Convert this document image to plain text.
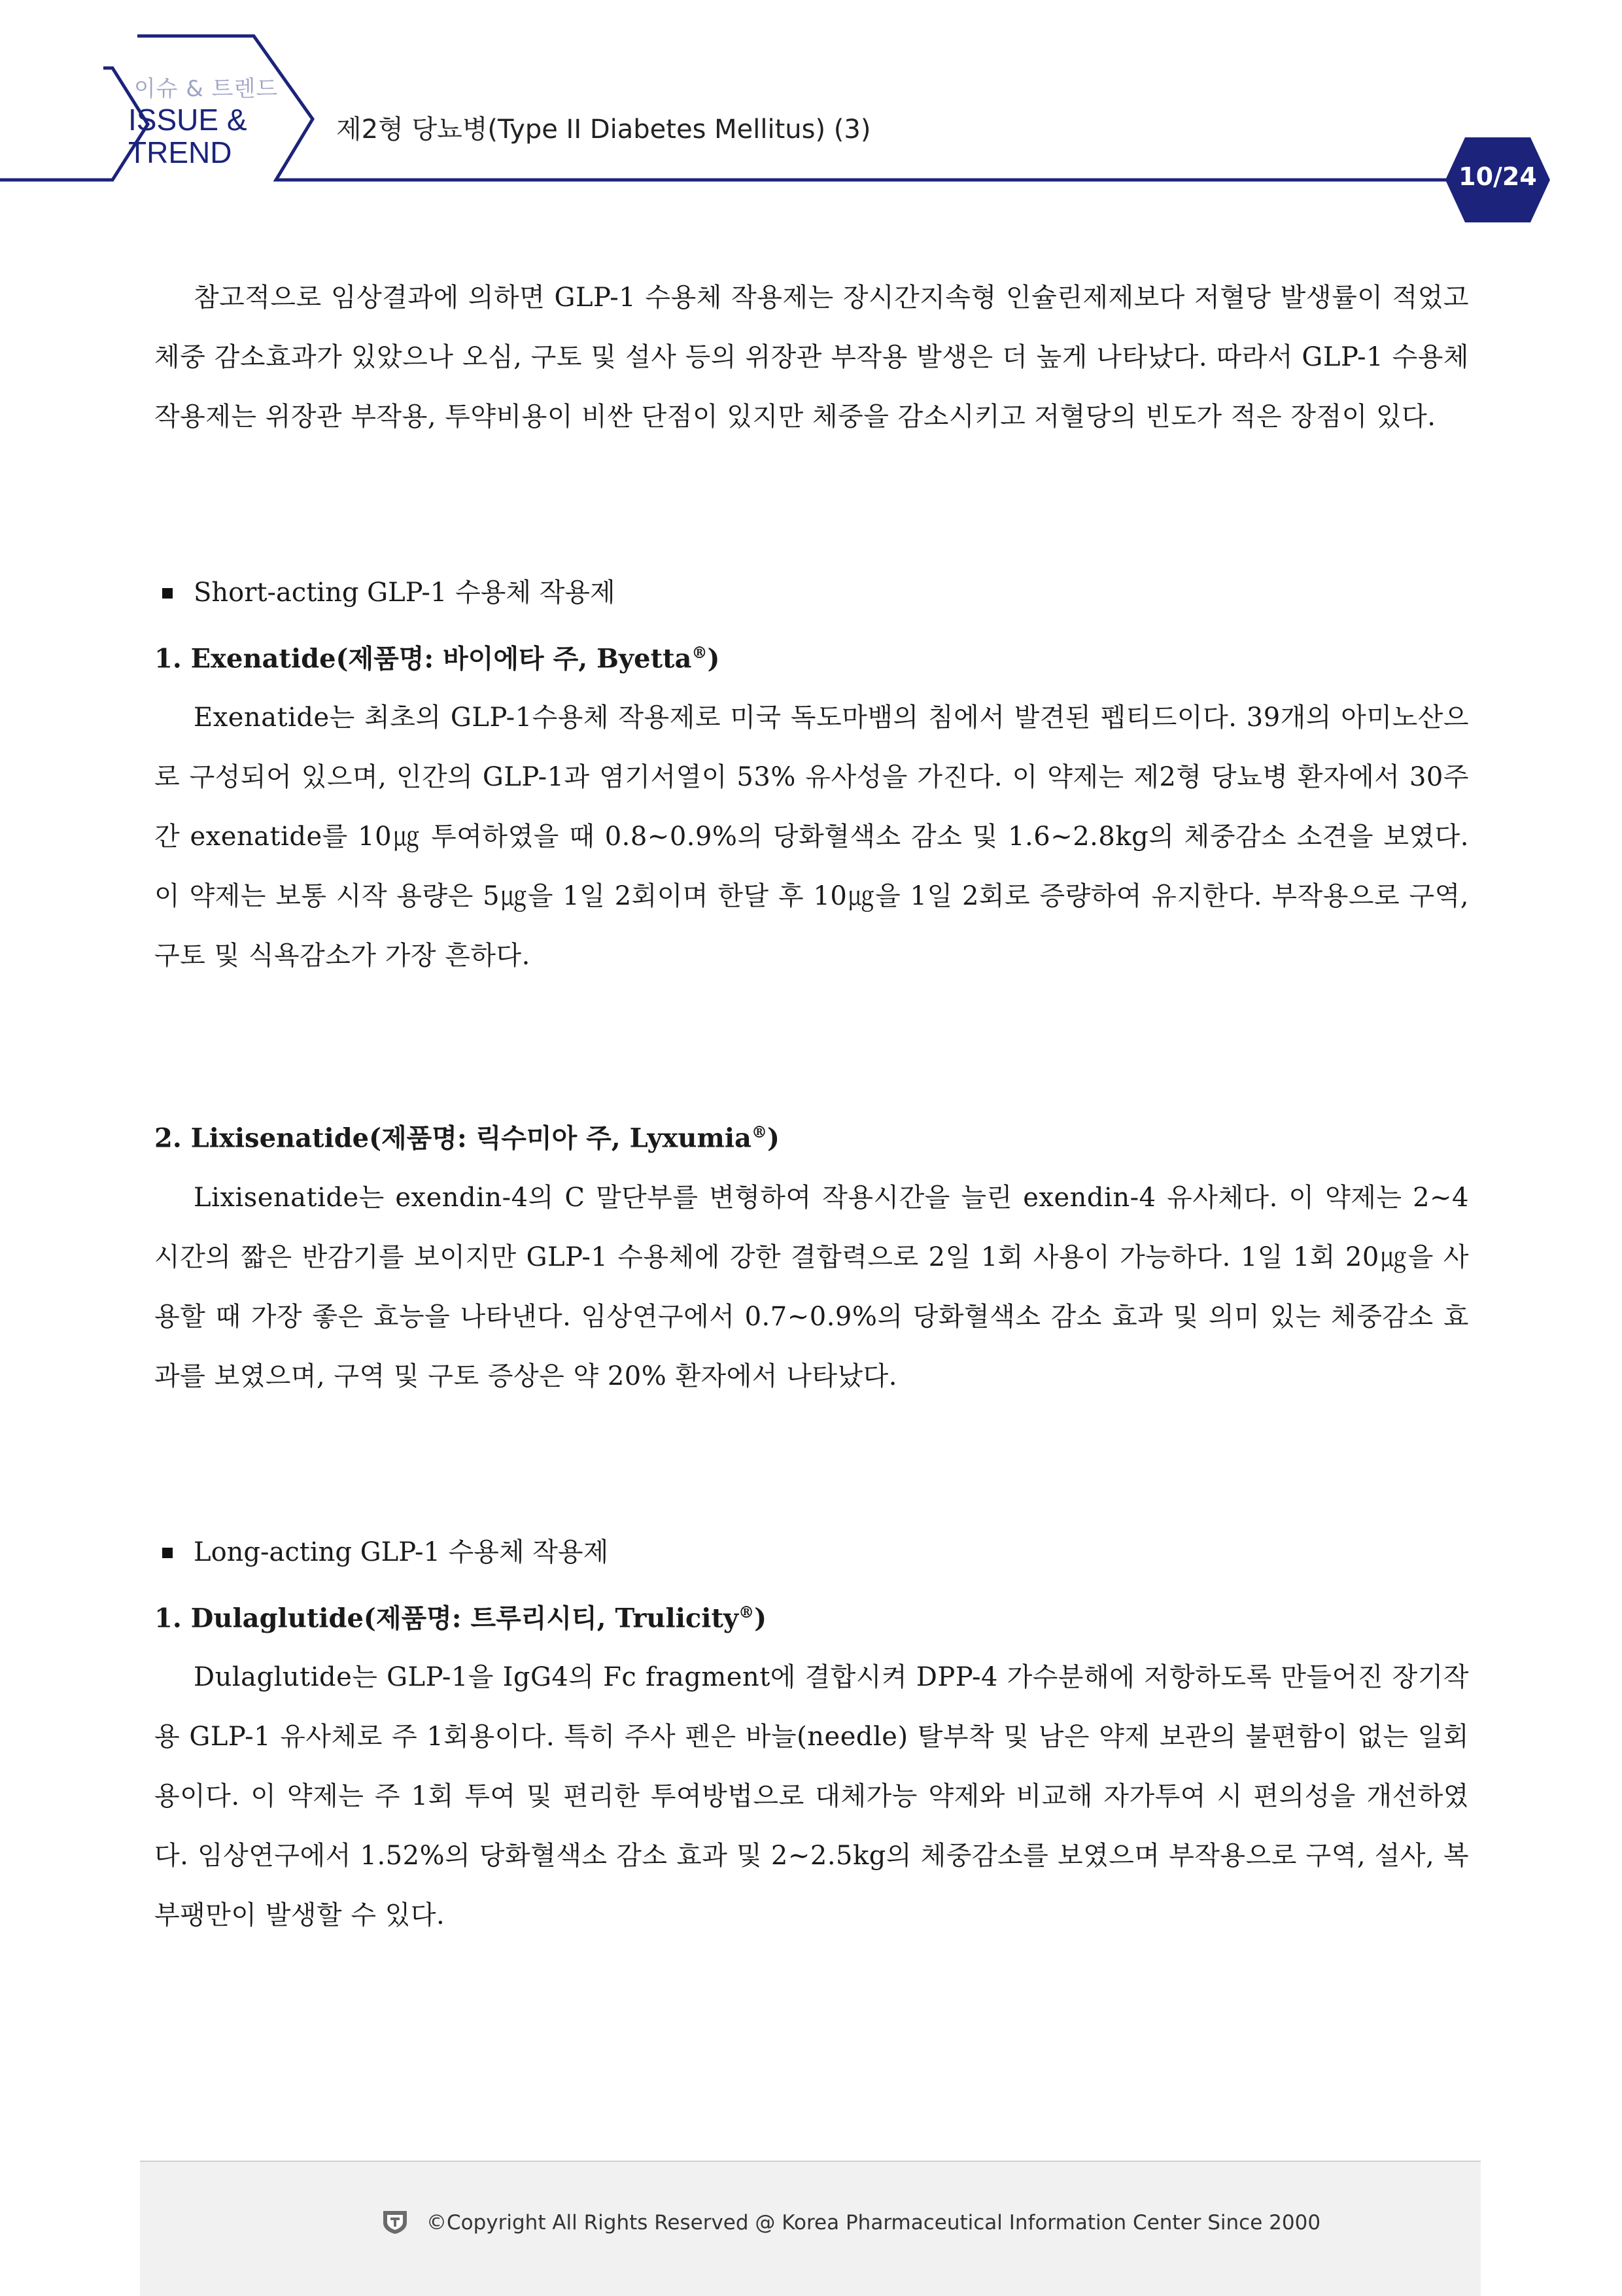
이슈 & 트렌드
ISSUE &
TREND
제2형 당뇨병(Type II Diabetes Mellitus) (3)
10/24

참고적으로 임상결과에 의하면 GLP-1 수용체 작용제는 장시간지속형 인슐린제제보다 저혈당 발생률이 적었고 체중 감소효과가 있았으나 오심, 구토 및 설사 등의 위장관 부작용 발생은 더 높게 나타났다. 따라서 GLP-1 수용체 작용제는 위장관 부작용, 투약비용이 비싼 단점이 있지만 체중을 감소시키고 저혈당의 빈도가 적은 장점이 있다.

Short-acting GLP-1 수용체 작용제

1. Exenatide(제품명: 바이에타 주, Byetta®)

Exenatide는 최초의 GLP-1수용체 작용제로 미국 독도마뱀의 침에서 발견된 펩티드이다. 39개의 아미노산으로 구성되어 있으며, 인간의 GLP-1과 염기서열이 53% 유사성을 가진다. 이 약제는 제2형 당뇨병 환자에서 30주간 exenatide를 10㎍ 투여하였을 때 0.8~0.9%의 당화혈색소 감소 및 1.6~2.8kg의 체중감소 소견을 보였다. 이 약제는 보통 시작 용량은 5㎍을 1일 2회이며 한달 후 10㎍을 1일 2회로 증량하여 유지한다. 부작용으로 구역, 구토 및 식욕감소가 가장 흔하다.

2. Lixisenatide(제품명: 릭수미아 주, Lyxumia®)

Lixisenatide는 exendin-4의 C 말단부를 변형하여 작용시간을 늘린 exendin-4 유사체다. 이 약제는 2~4시간의 짧은 반감기를 보이지만 GLP-1 수용체에 강한 결합력으로 2일 1회 사용이 가능하다. 1일 1회 20㎍을 사용할 때 가장 좋은 효능을 나타낸다. 임상연구에서 0.7~0.9%의 당화혈색소 감소 효과 및 의미 있는 체중감소 효과를 보였으며, 구역 및 구토 증상은 약 20% 환자에서 나타났다.

Long-acting GLP-1 수용체 작용제

1. Dulaglutide(제품명: 트루리시티, Trulicity®)

Dulaglutide는 GLP-1을 IgG4의 Fc fragment에 결합시켜 DPP-4 가수분해에 저항하도록 만들어진 장기작용 GLP-1 유사체로 주 1회용이다. 특히 주사 펜은 바늘(needle) 탈부착 및 남은 약제 보관의 불편함이 없는 일회용이다. 이 약제는 주 1회 투여 및 편리한 투여방법으로 대체가능 약제와 비교해 자가투여 시 편의성을 개선하였다. 임상연구에서 1.52%의 당화혈색소 감소 효과 및 2~2.5kg의 체중감소를 보였으며 부작용으로 구역, 설사, 복부팽만이 발생할 수 있다.

©Copyright All Rights Reserved @ Korea Pharmaceutical Information Center Since 2000
